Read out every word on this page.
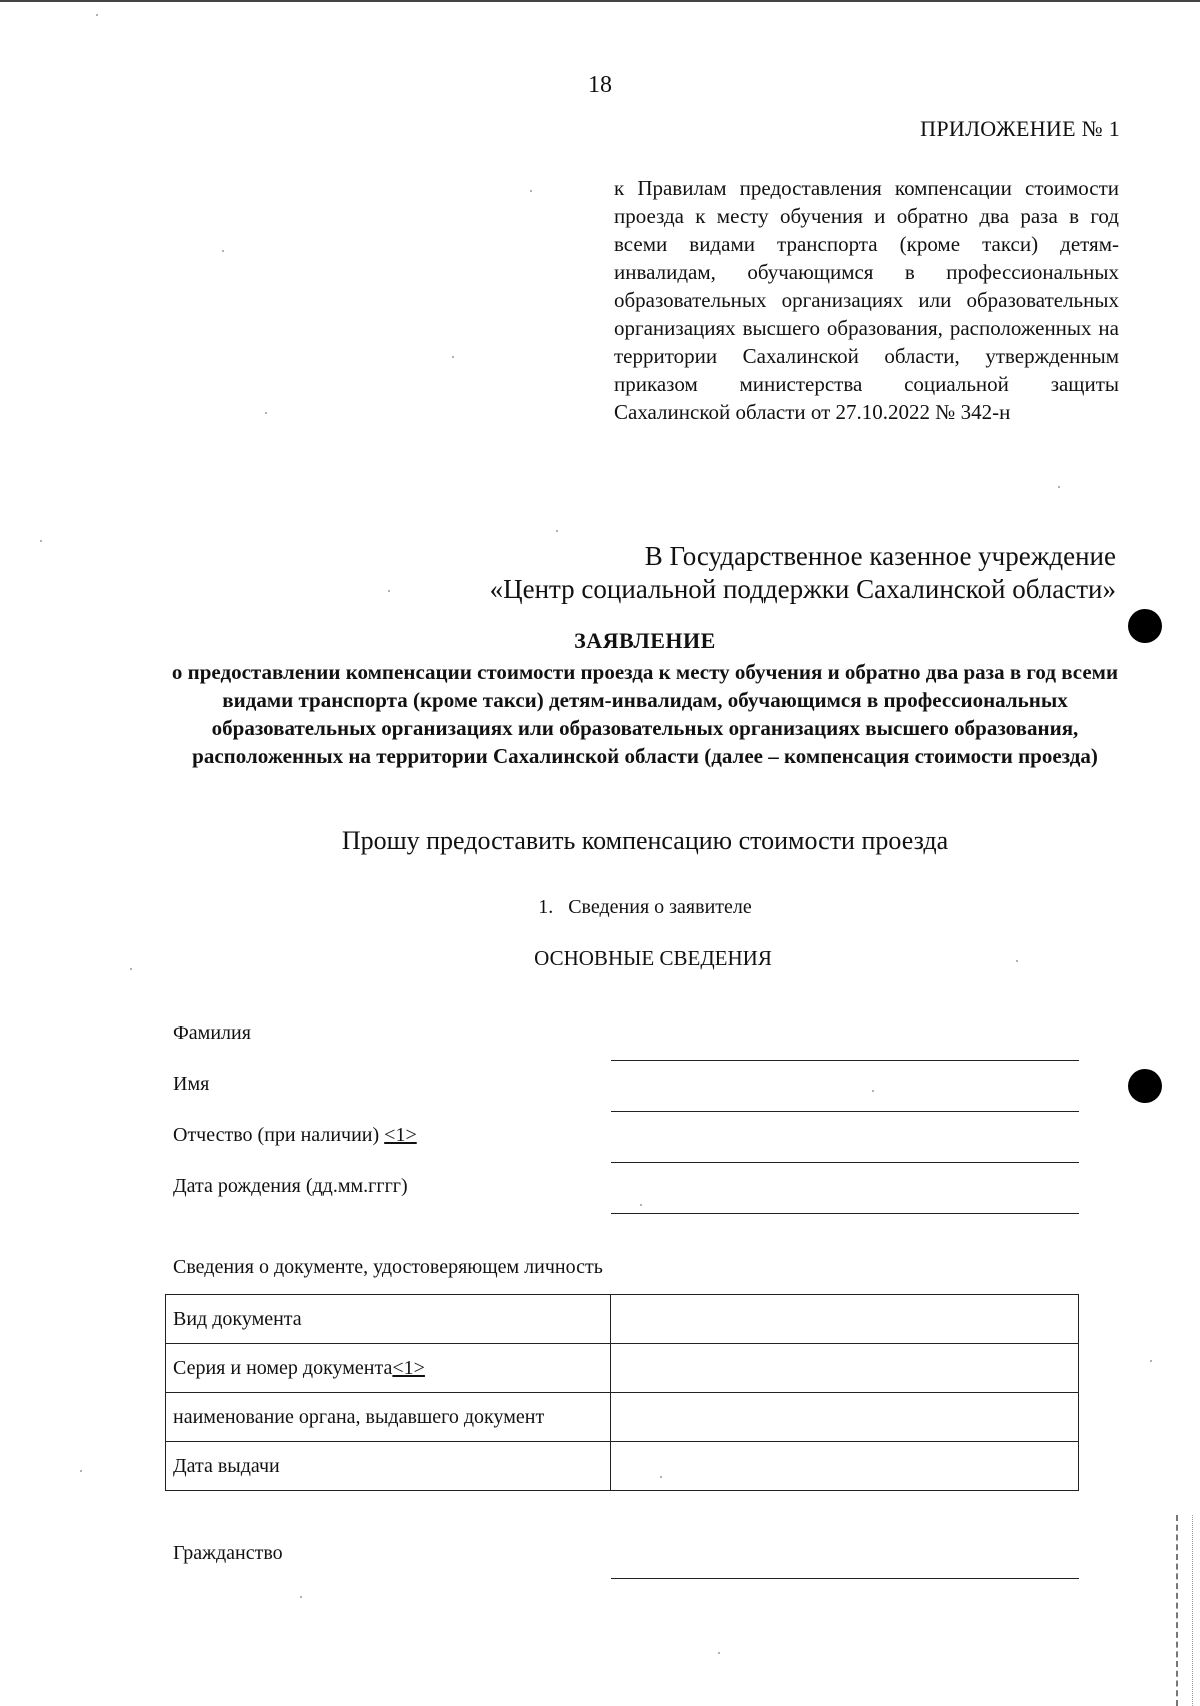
18
ПРИЛОЖЕНИЕ № 1
к Правилам предоставления компенсации стоимости проезда к месту обучения и обратно два раза в год всеми видами транспорта (кроме такси) детям-инвалидам, обучающимся в профессиональных образовательных организациях или образовательных организациях высшего образования, расположенных на территории Сахалинской области, утвержденным приказом министерства социальной защиты Сахалинской области от 27.10.2022 № 342-н
В Государственное казенное учреждение
«Центр социальной поддержки Сахалинской области»
ЗАЯВЛЕНИЕ
о предоставлении компенсации стоимости проезда к месту обучения и обратно два раза в год всеми видами транспорта (кроме такси) детям-инвалидам, обучающимся в профессиональных образовательных организациях или образовательных организациях высшего образования, расположенных на территории Сахалинской области (далее – компенсация стоимости проезда)
Прошу предоставить компенсацию стоимости проезда
1. Сведения о заявителе
ОСНОВНЫЕ СВЕДЕНИЯ
Фамилия
Имя
Отчество (при наличии) <1>
Дата рождения (дд.мм.гггг)
Сведения о документе, удостоверяющем личность
Вид документа	
Серия и номер документа<1>	
наименование органа, выдавшего документ	
Дата выдачи	
Гражданство
